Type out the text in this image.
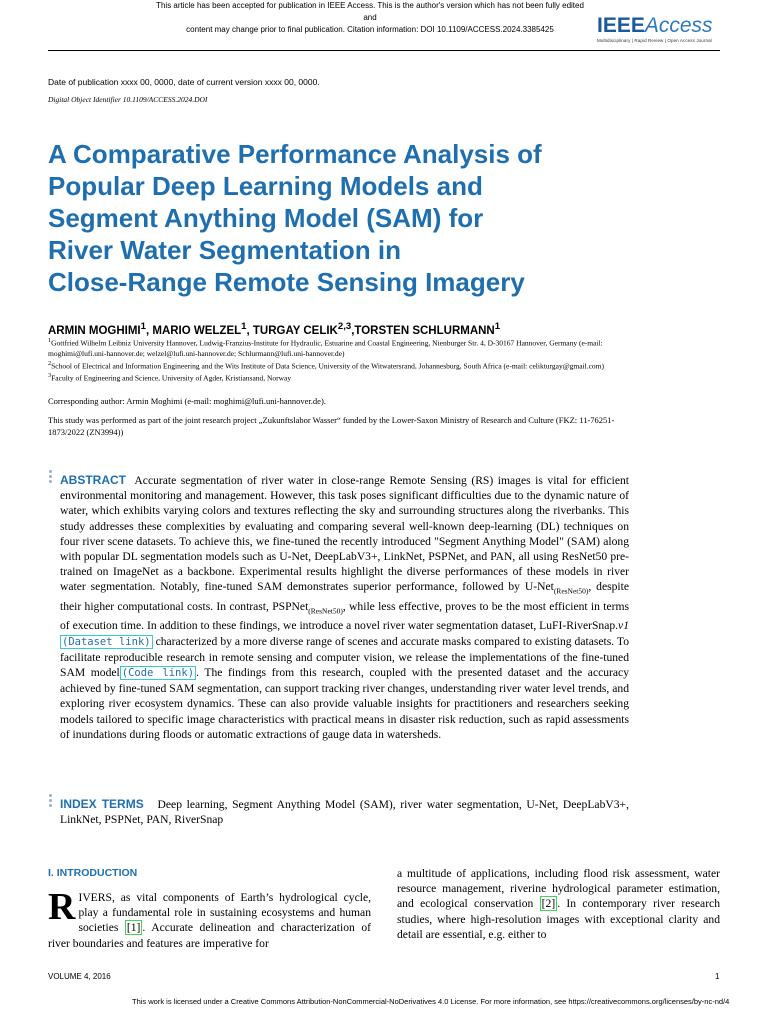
This article has been accepted for publication in IEEE Access. This is the author's version which has not been fully edited and
content may change prior to final publication. Citation information: DOI 10.1109/ACCESS.2024.3385425	IEEEAccess
Multidisciplinary | Rapid Review | Open Access Journal
Date of publication xxxx 00, 0000, date of current version xxxx 00, 0000.
Digital Object Identifier 10.1109/ACCESS.2024.DOI
A Comparative Performance Analysis of
Popular Deep Learning Models and
Segment Anything Model (SAM) for
River Water Segmentation in
Close-Range Remote Sensing Imagery
ARMIN MOGHIMI$^1$, MARIO WELZEL$^1$, TURGAY CELIK$^{2,3}$,TORSTEN SCHLURMANN$^1$
$^1$Gottfried Wilhelm Leibniz University Hannover, Ludwig-Franzius-Institute for Hydraulic, Estuarine and Coastal Engineering, Nienburger Str. 4, D-30167 Hannover, Germany (e-mail: moghimi@lufi.uni-hannover.de; welzel@lufi.uni-hannover.de; Schlurmann@lufi.uni-hannover.de)
$^2$School of Electrical and Information Engineering and the Wits Institute of Data Science, University of the Witwatersrand, Johannesburg, South Africa (e-mail: celikturgay@gmail.com)
$^3$Faculty of Engineering and Science, University of Agder, Kristiansand, Norway
Corresponding author: Armin Moghimi (e-mail: moghimi@lufi.uni-hannover.de).
This study was performed as part of the joint research project „Zukunftslabor Wasser“ funded by the Lower-Saxon Ministry of Research and Culture (FKZ: 11-76251-1873/2022 (ZN3994))
ABSTRACT Accurate segmentation of river water in close-range Remote Sensing (RS) images is vital for efficient environmental monitoring and management. However, this task poses significant difficulties due to the dynamic nature of water, which exhibits varying colors and textures reflecting the sky and surrounding structures along the riverbanks. This study addresses these complexities by evaluating and comparing several well-known deep-learning (DL) techniques on four river scene datasets. To achieve this, we fine-tuned the recently introduced "Segment Anything Model" (SAM) along with popular DL segmentation models such as U-Net, DeepLabV3+, LinkNet, PSPNet, and PAN, all using ResNet50 pre-trained on ImageNet as a backbone. Experimental results highlight the diverse performances of these models in river water segmentation. Notably, fine-tuned SAM demonstrates superior performance, followed by U-Net$_{(ResNet50)}$, despite their higher computational costs. In contrast, PSPNet$_{(ResNet50)}$, while less effective, proves to be the most efficient in terms of execution time. In addition to these findings, we introduce a novel river water segmentation dataset, LuFI-RiverSnap.v1 (Dataset link) characterized by a more diverse range of scenes and accurate masks compared to existing datasets. To facilitate reproducible research in remote sensing and computer vision, we release the implementations of the fine-tuned SAM model (Code link) . The findings from this research, coupled with the presented dataset and the accuracy achieved by fine-tuned SAM segmentation, can support tracking river changes, understanding river water level trends, and exploring river ecosystem dynamics. These can also provide valuable insights for practitioners and researchers seeking models tailored to specific image characteristics with practical means in disaster risk reduction, such as rapid assessments of inundations during floods or automatic extractions of gauge data in watersheds.
INDEX TERMS Deep learning, Segment Anything Model (SAM), river water segmentation, U-Net, DeepLabV3+, LinkNet, PSPNet, PAN, RiverSnap
I. INTRODUCTION
RIVERS, as vital components of Earth’s hydrological cycle, play a fundamental role in sustaining ecosystems and human societies [1] . Accurate delineation and characterization of river boundaries and features are imperative for
a multitude of applications, including flood risk assessment, water resource management, riverine hydrological parameter estimation, and ecological conservation [2] . In contemporary river research studies, where high-resolution images with exceptional clarity and detail are essential, e.g. either to
VOLUME 4, 2016	1
This work is licensed under a Creative Commons Attribution-NonCommercial-NoDerivatives 4.0 License. For more information, see https://creativecommons.org/licenses/by-nc-nd/4
